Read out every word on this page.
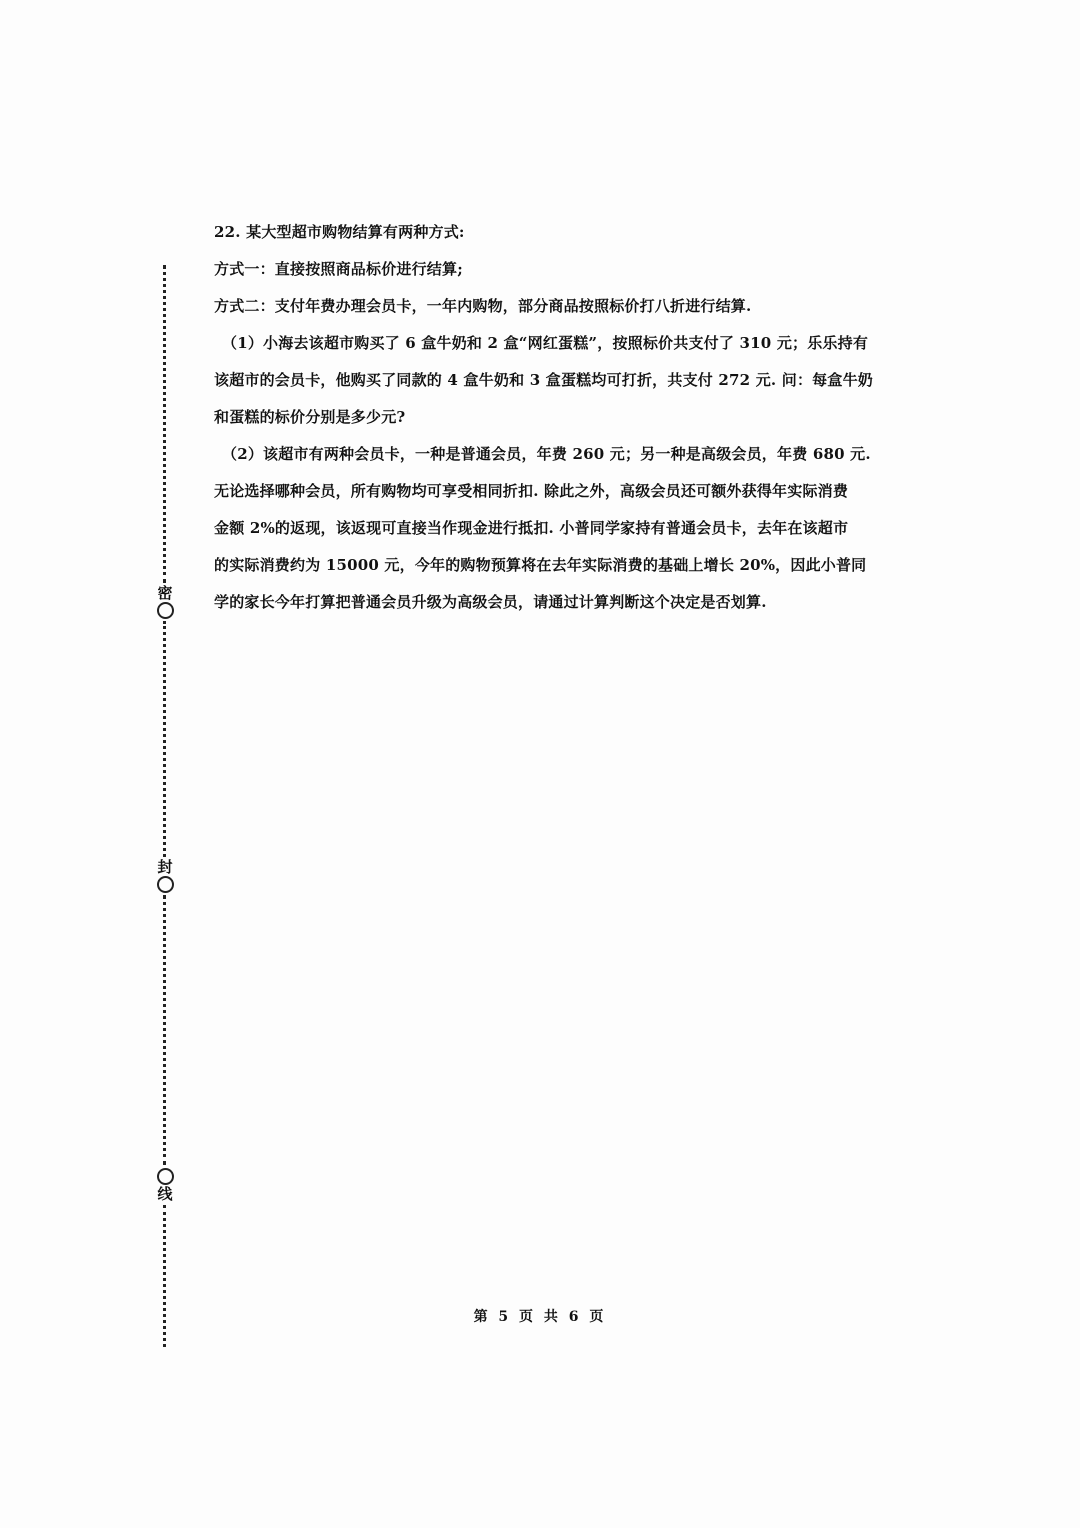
密
封
线
22. 某大型超市购物结算有两种方式:
方式一：直接按照商品标价进行结算;
方式二：支付年费办理会员卡，一年内购物，部分商品按照标价打八折进行结算.
（1）小海去该超市购买了 6 盒牛奶和 2 盒“网红蛋糕”，按照标价共支付了 310 元；乐乐持有
该超市的会员卡，他购买了同款的 4 盒牛奶和 3 盒蛋糕均可打折，共支付 272 元. 问：每盒牛奶
和蛋糕的标价分别是多少元?
（2）该超市有两种会员卡，一种是普通会员，年费 260 元；另一种是高级会员，年费 680 元.
无论选择哪种会员，所有购物均可享受相同折扣. 除此之外，高级会员还可额外获得年实际消费
金额 2%的返现，该返现可直接当作现金进行抵扣. 小普同学家持有普通会员卡，去年在该超市
的实际消费约为 15000 元，今年的购物预算将在去年实际消费的基础上增长 20%，因此小普同
学的家长今年打算把普通会员升级为高级会员，请通过计算判断这个决定是否划算.
第 5 页 共 6 页
